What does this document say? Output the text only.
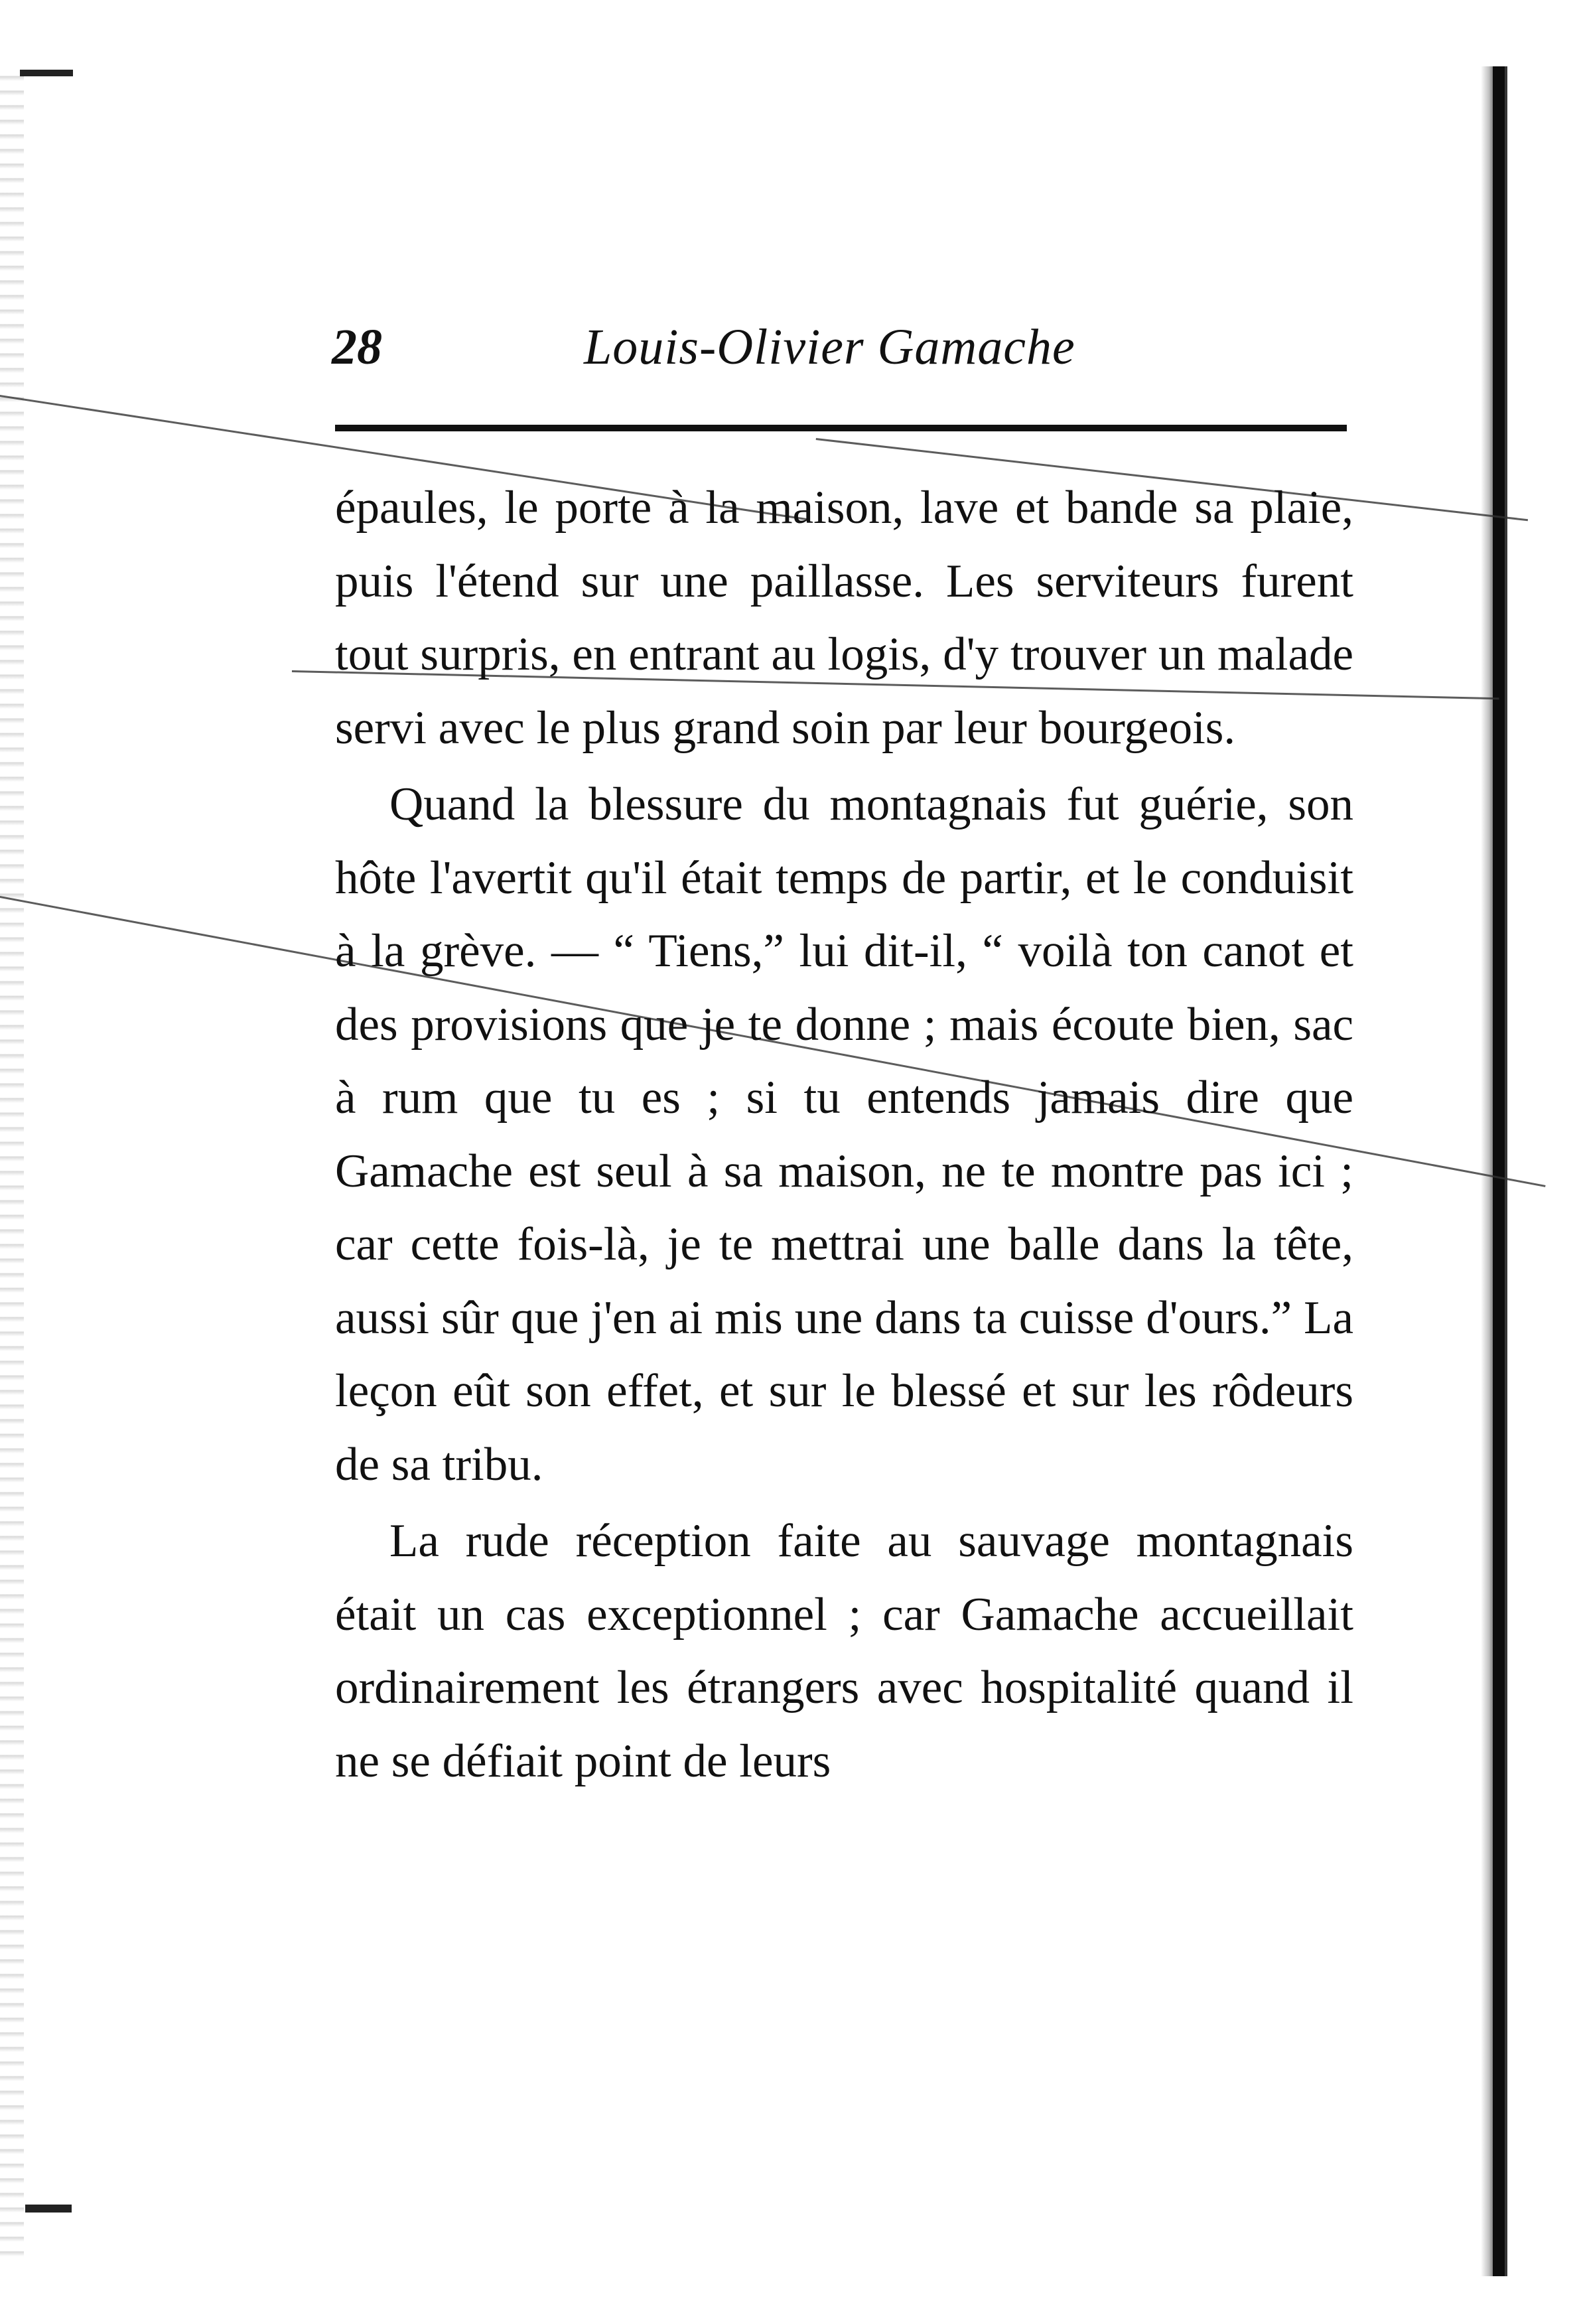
28	Louis-Olivier Gamache

épaules, le porte à la maison, lave et bande sa plaie, puis l'étend sur une paillasse. Les serviteurs furent tout surpris, en entrant au logis, d'y trouver un malade servi avec le plus grand soin par leur bourgeois.

Quand la blessure du montagnais fut guérie, son hôte l'avertit qu'il était temps de partir, et le conduisit à la grève. — “ Tiens,” lui dit-il, “ voilà ton canot et des provisions que je te donne ; mais écoute bien, sac à rum que tu es ; si tu entends jamais dire que Gamache est seul à sa maison, ne te montre pas ici ; car cette fois-là, je te mettrai une balle dans la tête, aussi sûr que j'en ai mis une dans ta cuisse d'ours.” La leçon eût son effet, et sur le blessé et sur les rôdeurs de sa tribu.

La rude réception faite au sauvage montagnais était un cas exceptionnel ; car Gamache accueillait ordinairement les étrangers avec hospitalité quand il ne se défiait point de leurs
